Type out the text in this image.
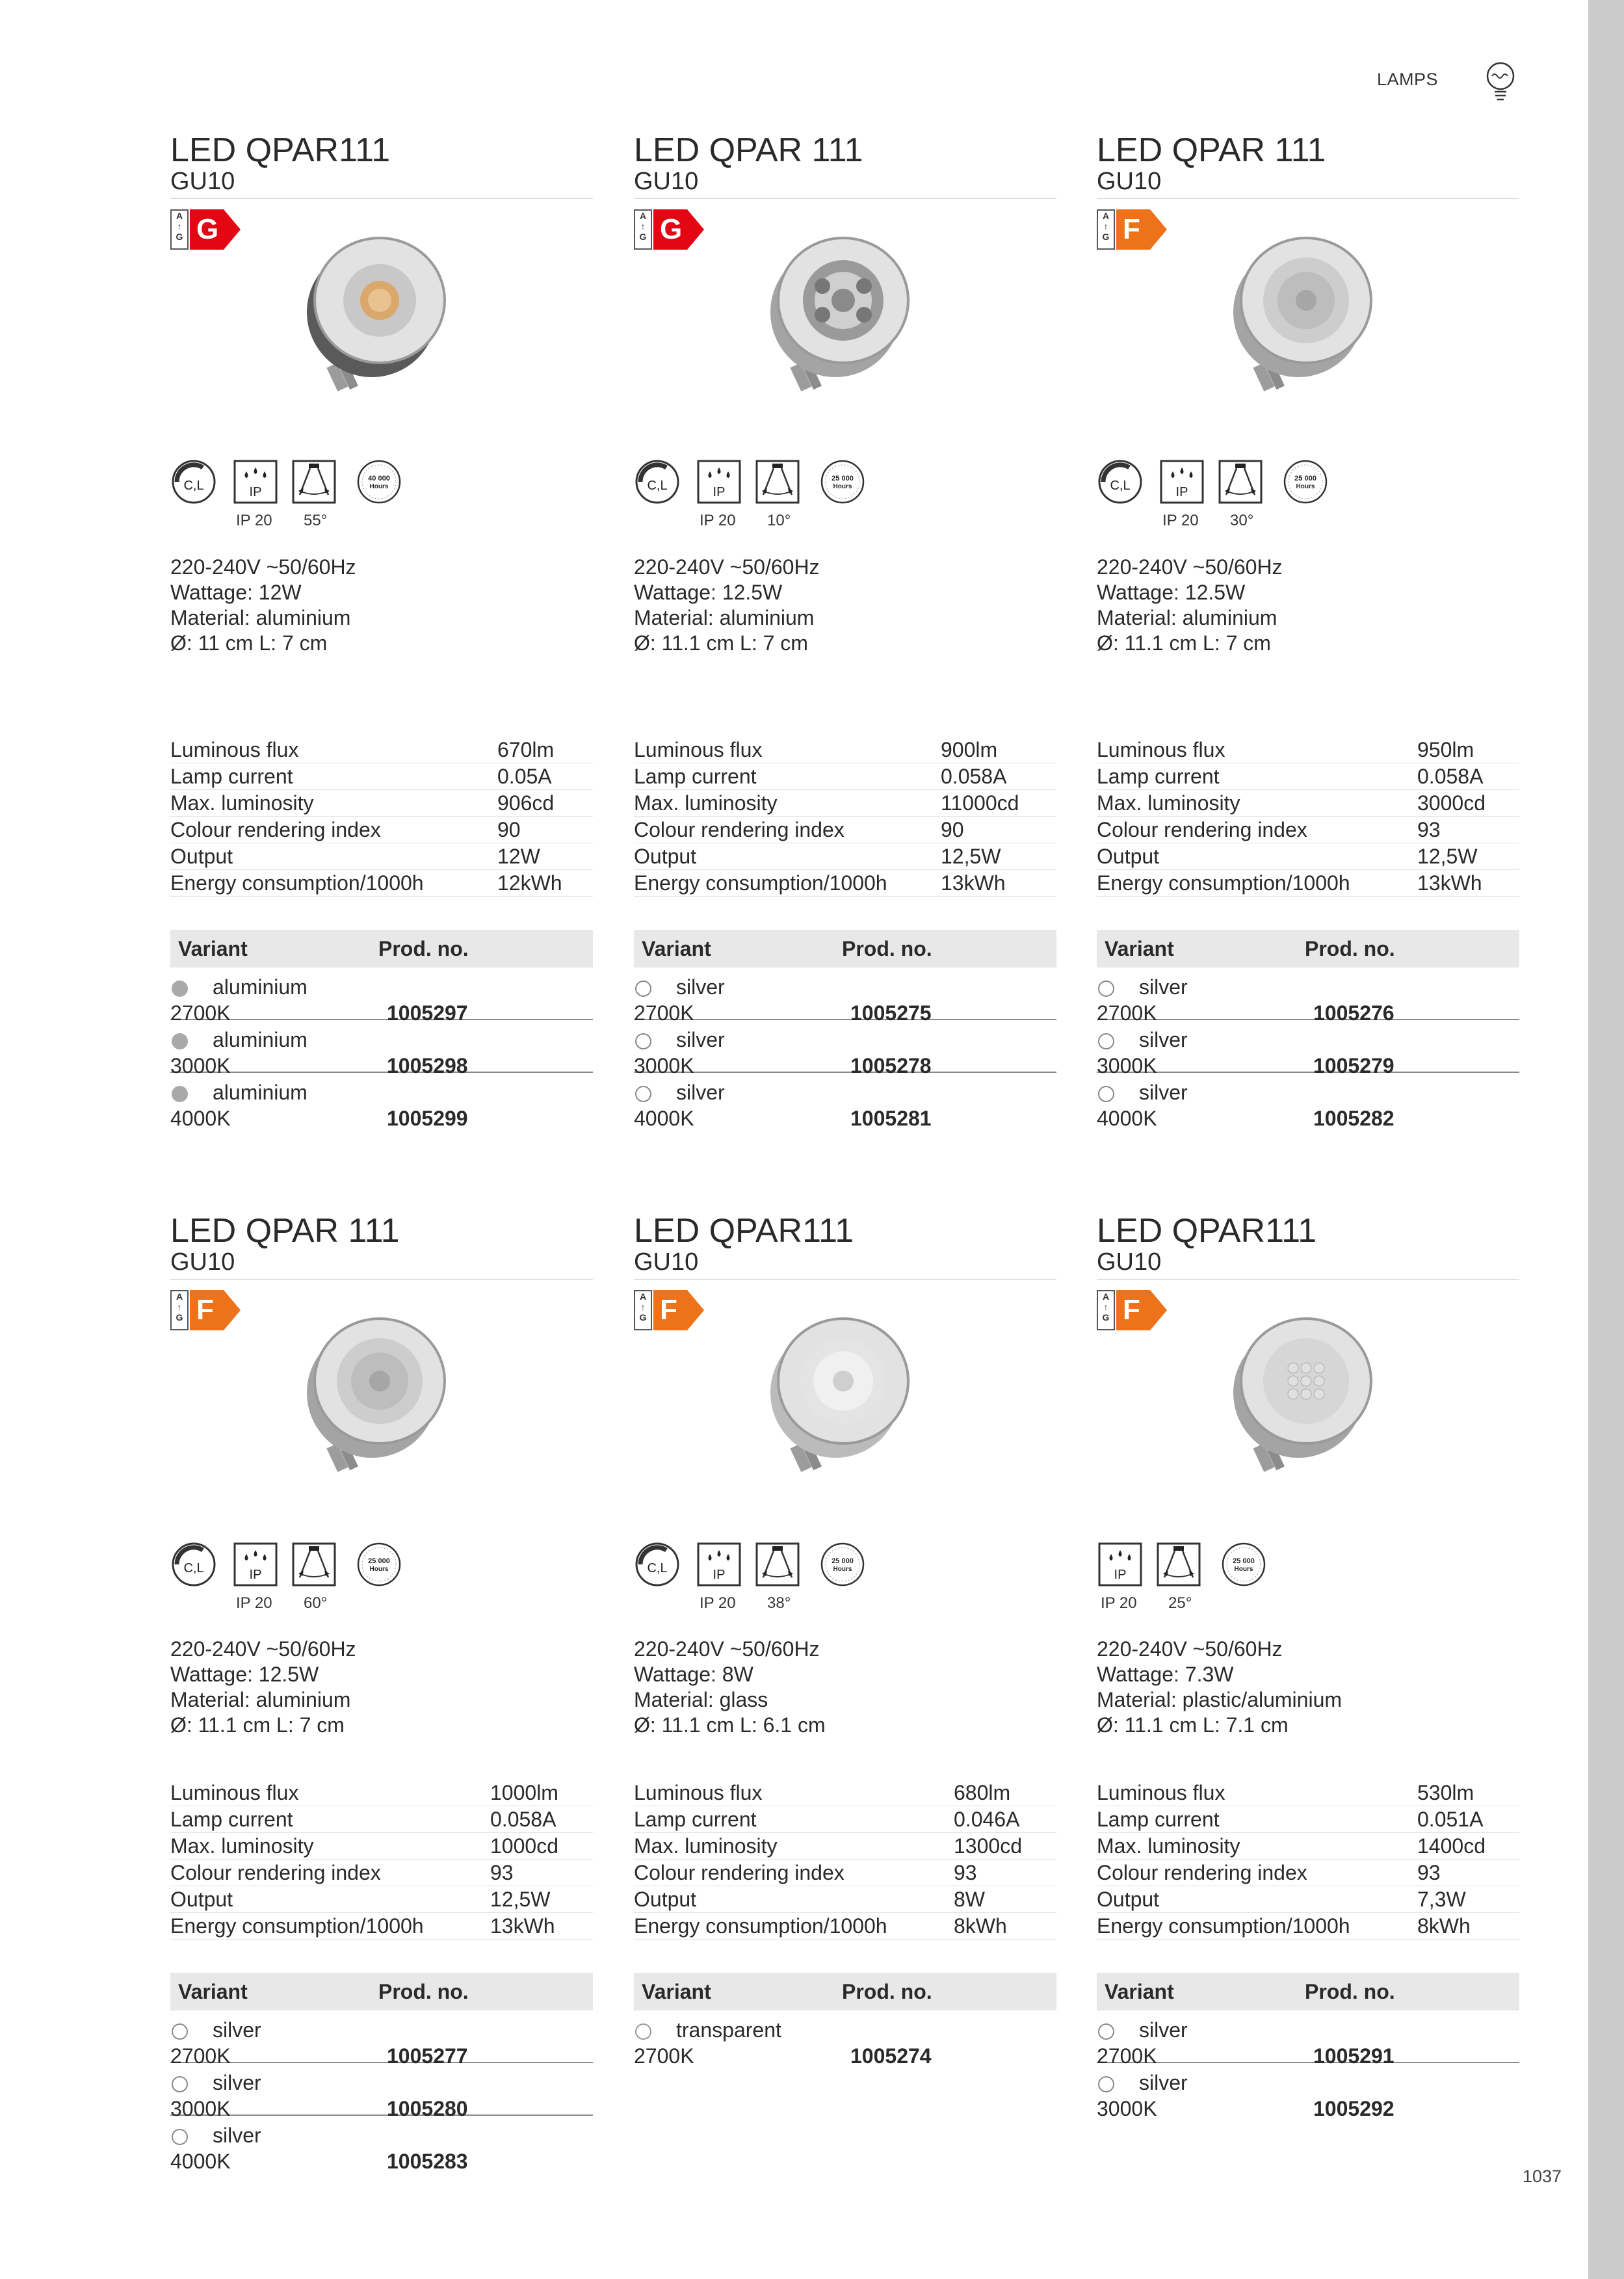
LAMPS
1037
LED QPAR111
GU10
A
↑
G G
C,L	IP
40 000
Hours
IP 20 55°
220-240V ~50/60Hz
Wattage: 12W
Material: aluminium
Ø: 11 cm L: 7 cm
Luminous flux	670lm
Lamp current	0.05A
Max. luminosity	906cd
Colour rendering index	90
Output	12W
Energy consumption/1000h	12kWh
Variant	Prod. no.
aluminium
2700K	1005297
aluminium
3000K	1005298
aluminium
4000K	1005299
LED QPAR 111
GU10
A
↑
G G
C,L	IP
25 000
Hours
IP 20 10°
220-240V ~50/60Hz
Wattage: 12.5W
Material: aluminium
Ø: 11.1 cm L: 7 cm
Luminous flux	900lm
Lamp current	0.058A
Max. luminosity	11000cd
Colour rendering index	90
Output	12,5W
Energy consumption/1000h	13kWh
Variant	Prod. no.
silver
2700K	1005275
silver
3000K	1005278
silver
4000K	1005281
LED QPAR 111
GU10
A
↑
G F
C,L	IP
25 000
Hours
IP 20 30°
220-240V ~50/60Hz
Wattage: 12.5W
Material: aluminium
Ø: 11.1 cm L: 7 cm
Luminous flux	950lm
Lamp current	0.058A
Max. luminosity	3000cd
Colour rendering index	93
Output	12,5W
Energy consumption/1000h	13kWh
Variant	Prod. no.
silver
2700K	1005276
silver
3000K	1005279
silver
4000K	1005282
LED QPAR 111
GU10
A
↑
G F
C,L	IP
25 000
Hours
IP 20 60°
220-240V ~50/60Hz
Wattage: 12.5W
Material: aluminium
Ø: 11.1 cm L: 7 cm
Luminous flux	1000lm
Lamp current	0.058A
Max. luminosity	1000cd
Colour rendering index	93
Output	12,5W
Energy consumption/1000h	13kWh
Variant	Prod. no.
silver
2700K	1005277
silver
3000K	1005280
silver
4000K	1005283
LED QPAR111
GU10
A
↑
G F
C,L	IP
25 000
Hours
IP 20 38°
220-240V ~50/60Hz
Wattage: 8W
Material: glass
Ø: 11.1 cm L: 6.1 cm
Luminous flux	680lm
Lamp current	0.046A
Max. luminosity	1300cd
Colour rendering index	93
Output	8W
Energy consumption/1000h	8kWh
Variant	Prod. no.
transparent
2700K	1005274
LED QPAR111
GU10
A
↑
G F
IP
25 000
Hours
IP 20 25°
220-240V ~50/60Hz
Wattage: 7.3W
Material: plastic/aluminium
Ø: 11.1 cm L: 7.1 cm
Luminous flux	530lm
Lamp current	0.051A
Max. luminosity	1400cd
Colour rendering index	93
Output	7,3W
Energy consumption/1000h	8kWh
Variant	Prod. no.
silver
2700K	1005291
silver
3000K	1005292
